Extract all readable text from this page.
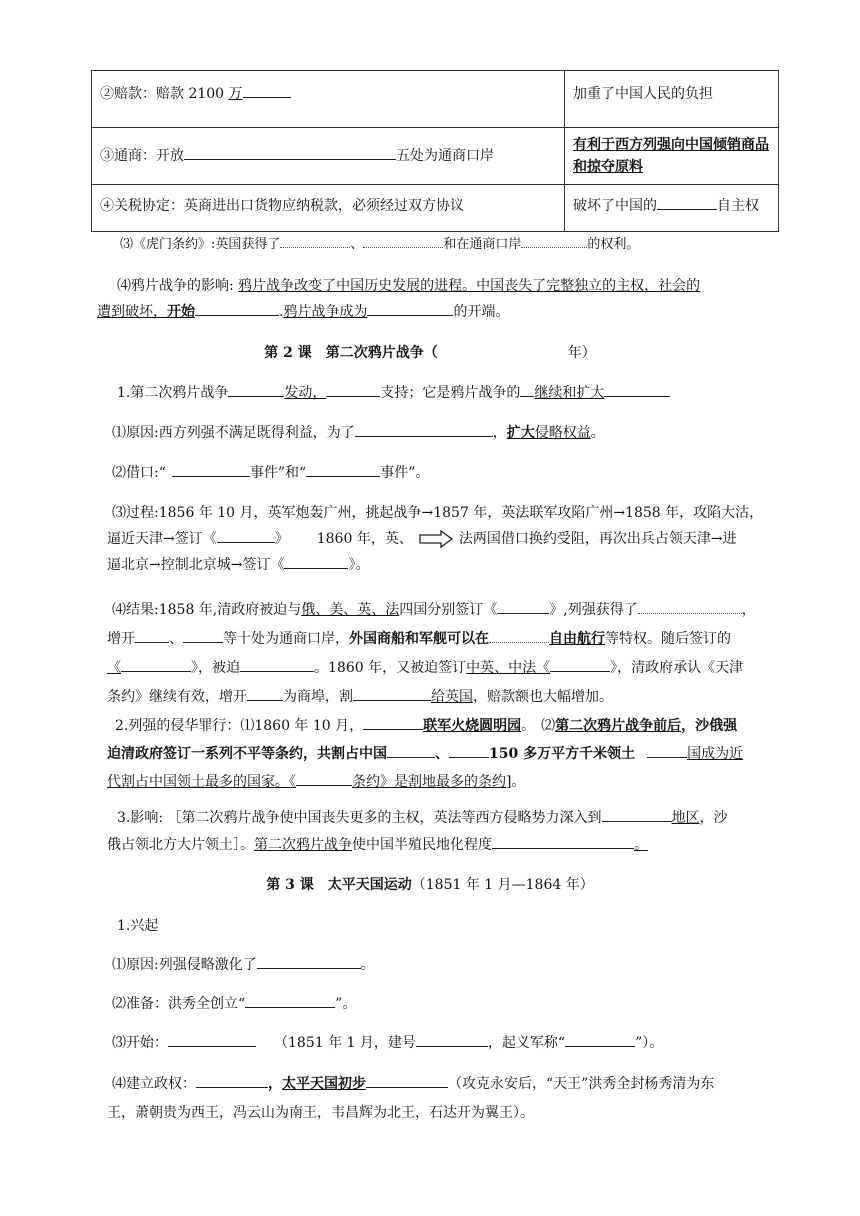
②赔款：赔款 2100 万	加重了中国人民的负担
③通商：开放 五处为通商口岸	有利于西方列强向中国倾销商品和掠夺原料
④关税协定：英商进出口货物应纳税款，必须经过双方协议	破坏了中国的 自主权
⑶《虎门条约》:英国获得了	、	和在通商口岸	的权利。
⑷鸦片战争的影响: 鸦片战争改变了中国历史发展的进程。中国丧失了完整独立的主权，社会的
遭到破坏，开始	.鸦片战争成为	的开端。
第 2 课　第二次鸦片战争（	年）
1.第二次鸦片战争	发动，	支持；它是鸦片战争的 继续和扩大
⑴原因:西方列强不满足既得利益，为了	，扩大侵略权益。
⑵借口:“	事件”和“	事件”。
⑶过程:1856 年 10 月，英军炮轰广州，挑起战争→1857 年，英法联军攻陷广州→1858 年，攻陷大沽，
逼近天津→签订《	》 1860 年，英、	法两国借口换约受阻，再次出兵占领天津→进
逼北京→控制北京城→签订《	》。
⑷结果:1858 年,清政府被迫与俄、美、英、法四国分别签订《	》,列强获得了	，
增开 、	等十处为通商口岸，外国商船和军舰可以在	自由航行等特权。随后签订的
《	》，被迫	。1860 年，又被迫签订中英、中法《	》，清政府承认《天津
条约》继续有效，增开	为商埠，割	给英国，赔款额也大幅增加。
2.列强的侵华罪行：⑴1860 年 10 月，	联军火烧圆明园。 ⑵第二次鸦片战争前后，沙俄强
迫清政府签订一系列不平等条约，共割占中国	、	150 多万平方千米领土	国成为近
代割占中国领土最多的国家。《	条约》是割地最多的条约]。
3.影响: ［第二次鸦片战争使中国丧失更多的主权，英法等西方侵略势力深入到	地区，沙
俄占领北方大片领土］。第二次鸦片战争使中国半殖民地化程度	。
第 3 课　太平天国运动（1851 年 1 月—1864 年）
1.兴起
⑴原因:列强侵略激化了	。
⑵准备：洪秀全创立“	”。
⑶开始：	（1851 年 1 月，建号	，起义军称“	”）。
⑷建立政权：	，太平天国初步	（攻克永安后，“天王”洪秀全封杨秀清为东
王，萧朝贵为西王，冯云山为南王，韦昌辉为北王，石达开为翼王）。
